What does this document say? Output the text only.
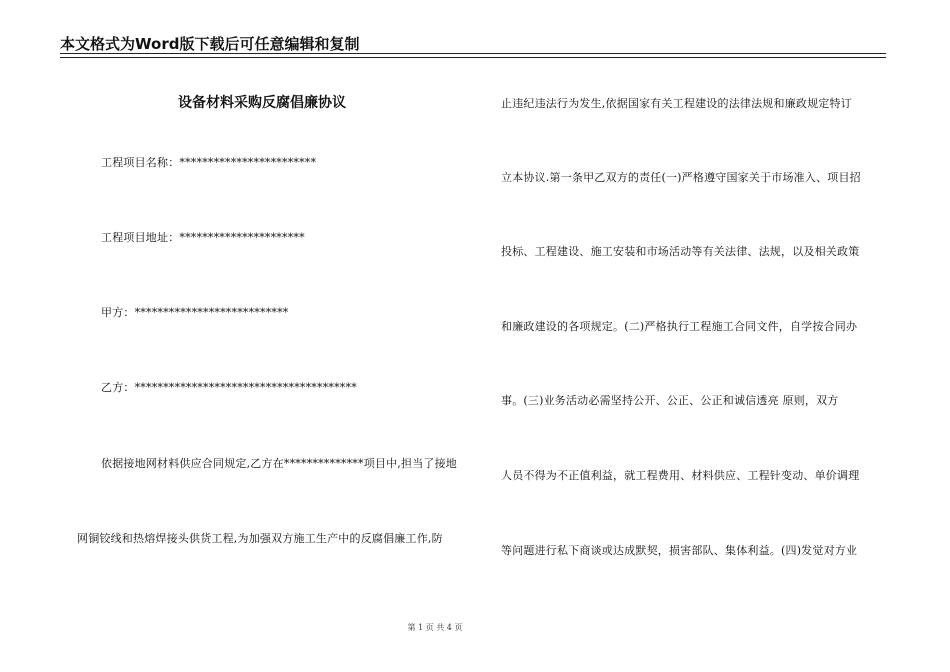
本文格式为Word版下载后可任意编辑和复制
设备材料采购反腐倡廉协议
工程项目名称：************************
工程项目地址：**********************
甲方：***************************
乙方：***************************************
依据接地网材料供应合同规定,乙方在**************项目中,担当了接地
网铜铰线和热熔焊接头供货工程,为加强双方施工生产中的反腐倡廉工作,防
止违纪违法行为发生,依据国家有关工程建设的法律法规和廉政规定特订
立本协议.第一条甲乙双方的责任(一)严格遵守国家关于市场准入、项目招
投标、工程建设、施工安装和市场活动等有关法律、法规，以及相关政策
和廉政建设的各项规定。(二)严格执行工程施工合同文件，自学按合同办
事。(三)业务活动必需坚持公开、公正、公正和诚信透亮 原则，双方
人员不得为不正值利益，就工程费用、材料供应、工程针变动、单价调理
等问题进行私下商谈或达成默契，损害部队、集体利益。(四)发觉对方业
第 1 页 共 4 页
